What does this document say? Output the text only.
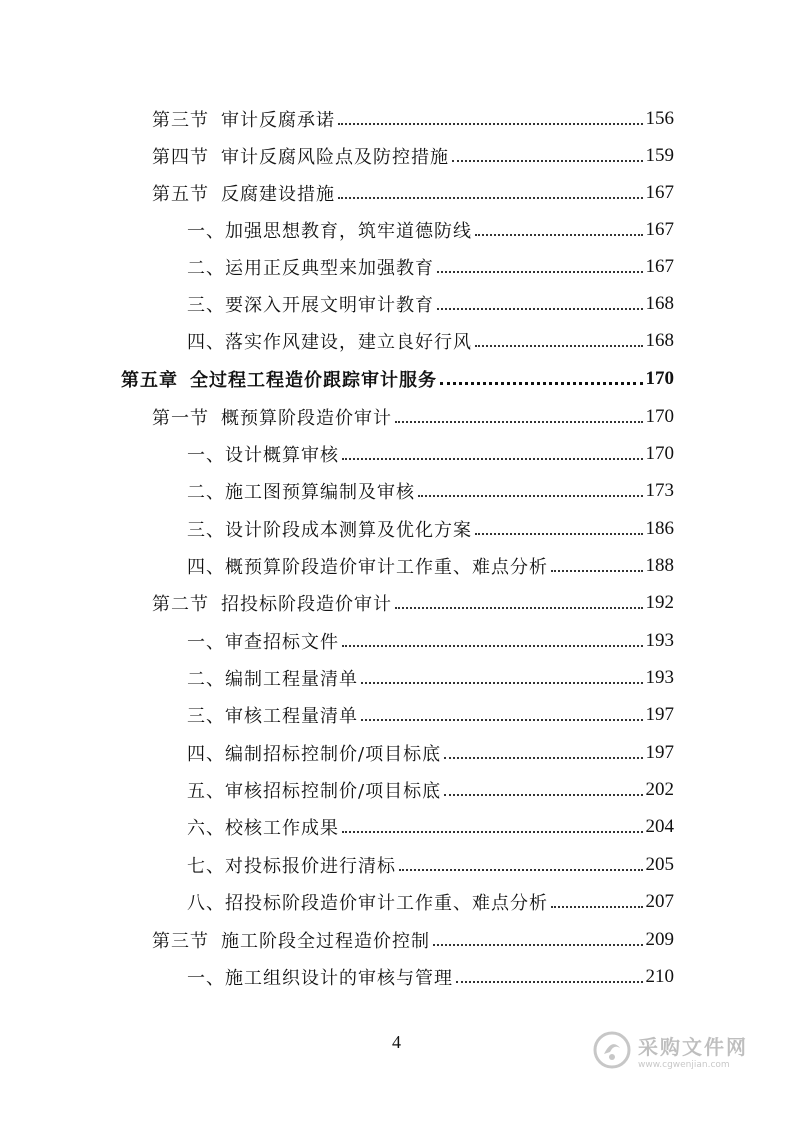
第三节 审计反腐承诺	156
第四节 审计反腐风险点及防控措施	159
第五节 反腐建设措施	167
一、加强思想教育，筑牢道德防线	167
二、运用正反典型来加强教育	167
三、要深入开展文明审计教育	168
四、落实作风建设，建立良好行风	168
第五章 全过程工程造价跟踪审计服务	170
第一节 概预算阶段造价审计	170
一、设计概算审核	170
二、施工图预算编制及审核	173
三、设计阶段成本测算及优化方案	186
四、概预算阶段造价审计工作重、难点分析	188
第二节 招投标阶段造价审计	192
一、审查招标文件	193
二、编制工程量清单	193
三、审核工程量清单	197
四、编制招标控制价/项目标底	197
五、审核招标控制价/项目标底	202
六、校核工作成果	204
七、对投标报价进行清标	205
八、招投标阶段造价审计工作重、难点分析	207
第三节 施工阶段全过程造价控制	209
一、施工组织设计的审核与管理	210
4	采购文件网
www.cgwenjian.com
